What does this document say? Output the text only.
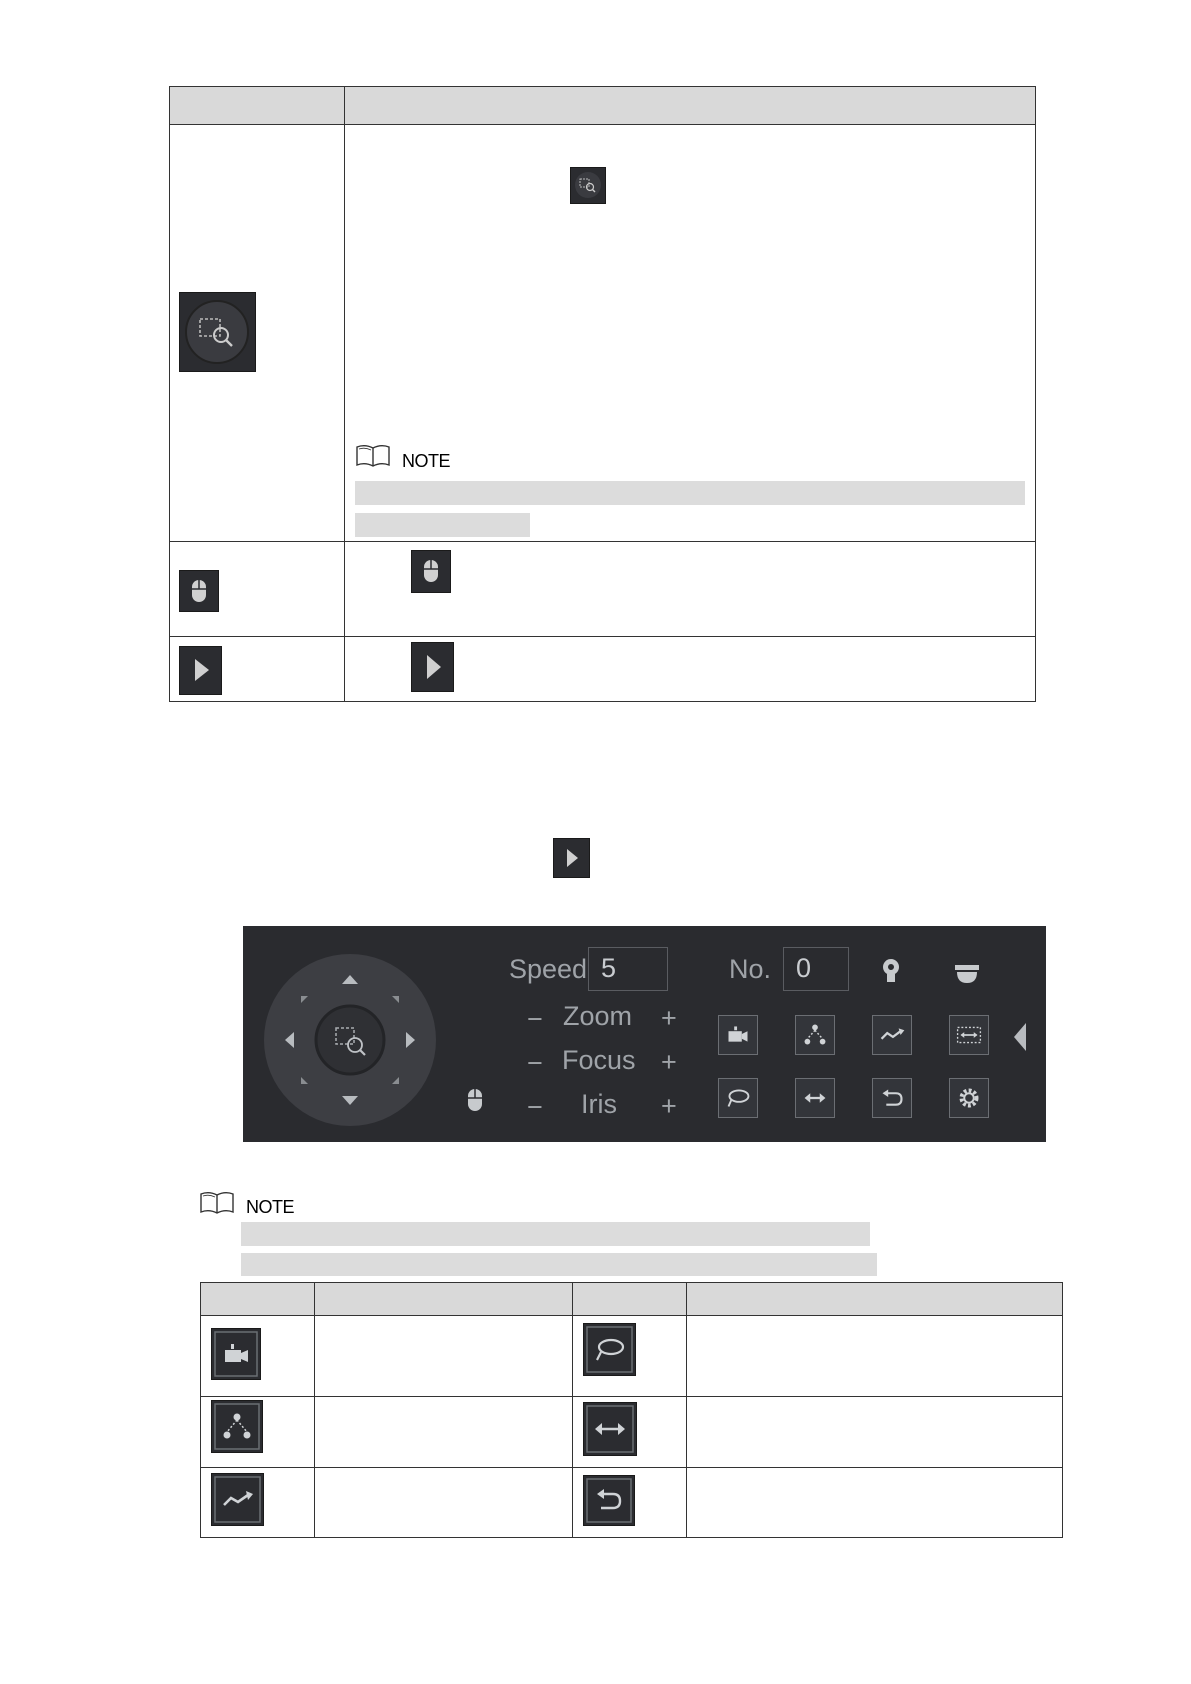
NOTE
Speed 5	No. 0
− Zoom +
− Focus +
− Iris +
NOTE
